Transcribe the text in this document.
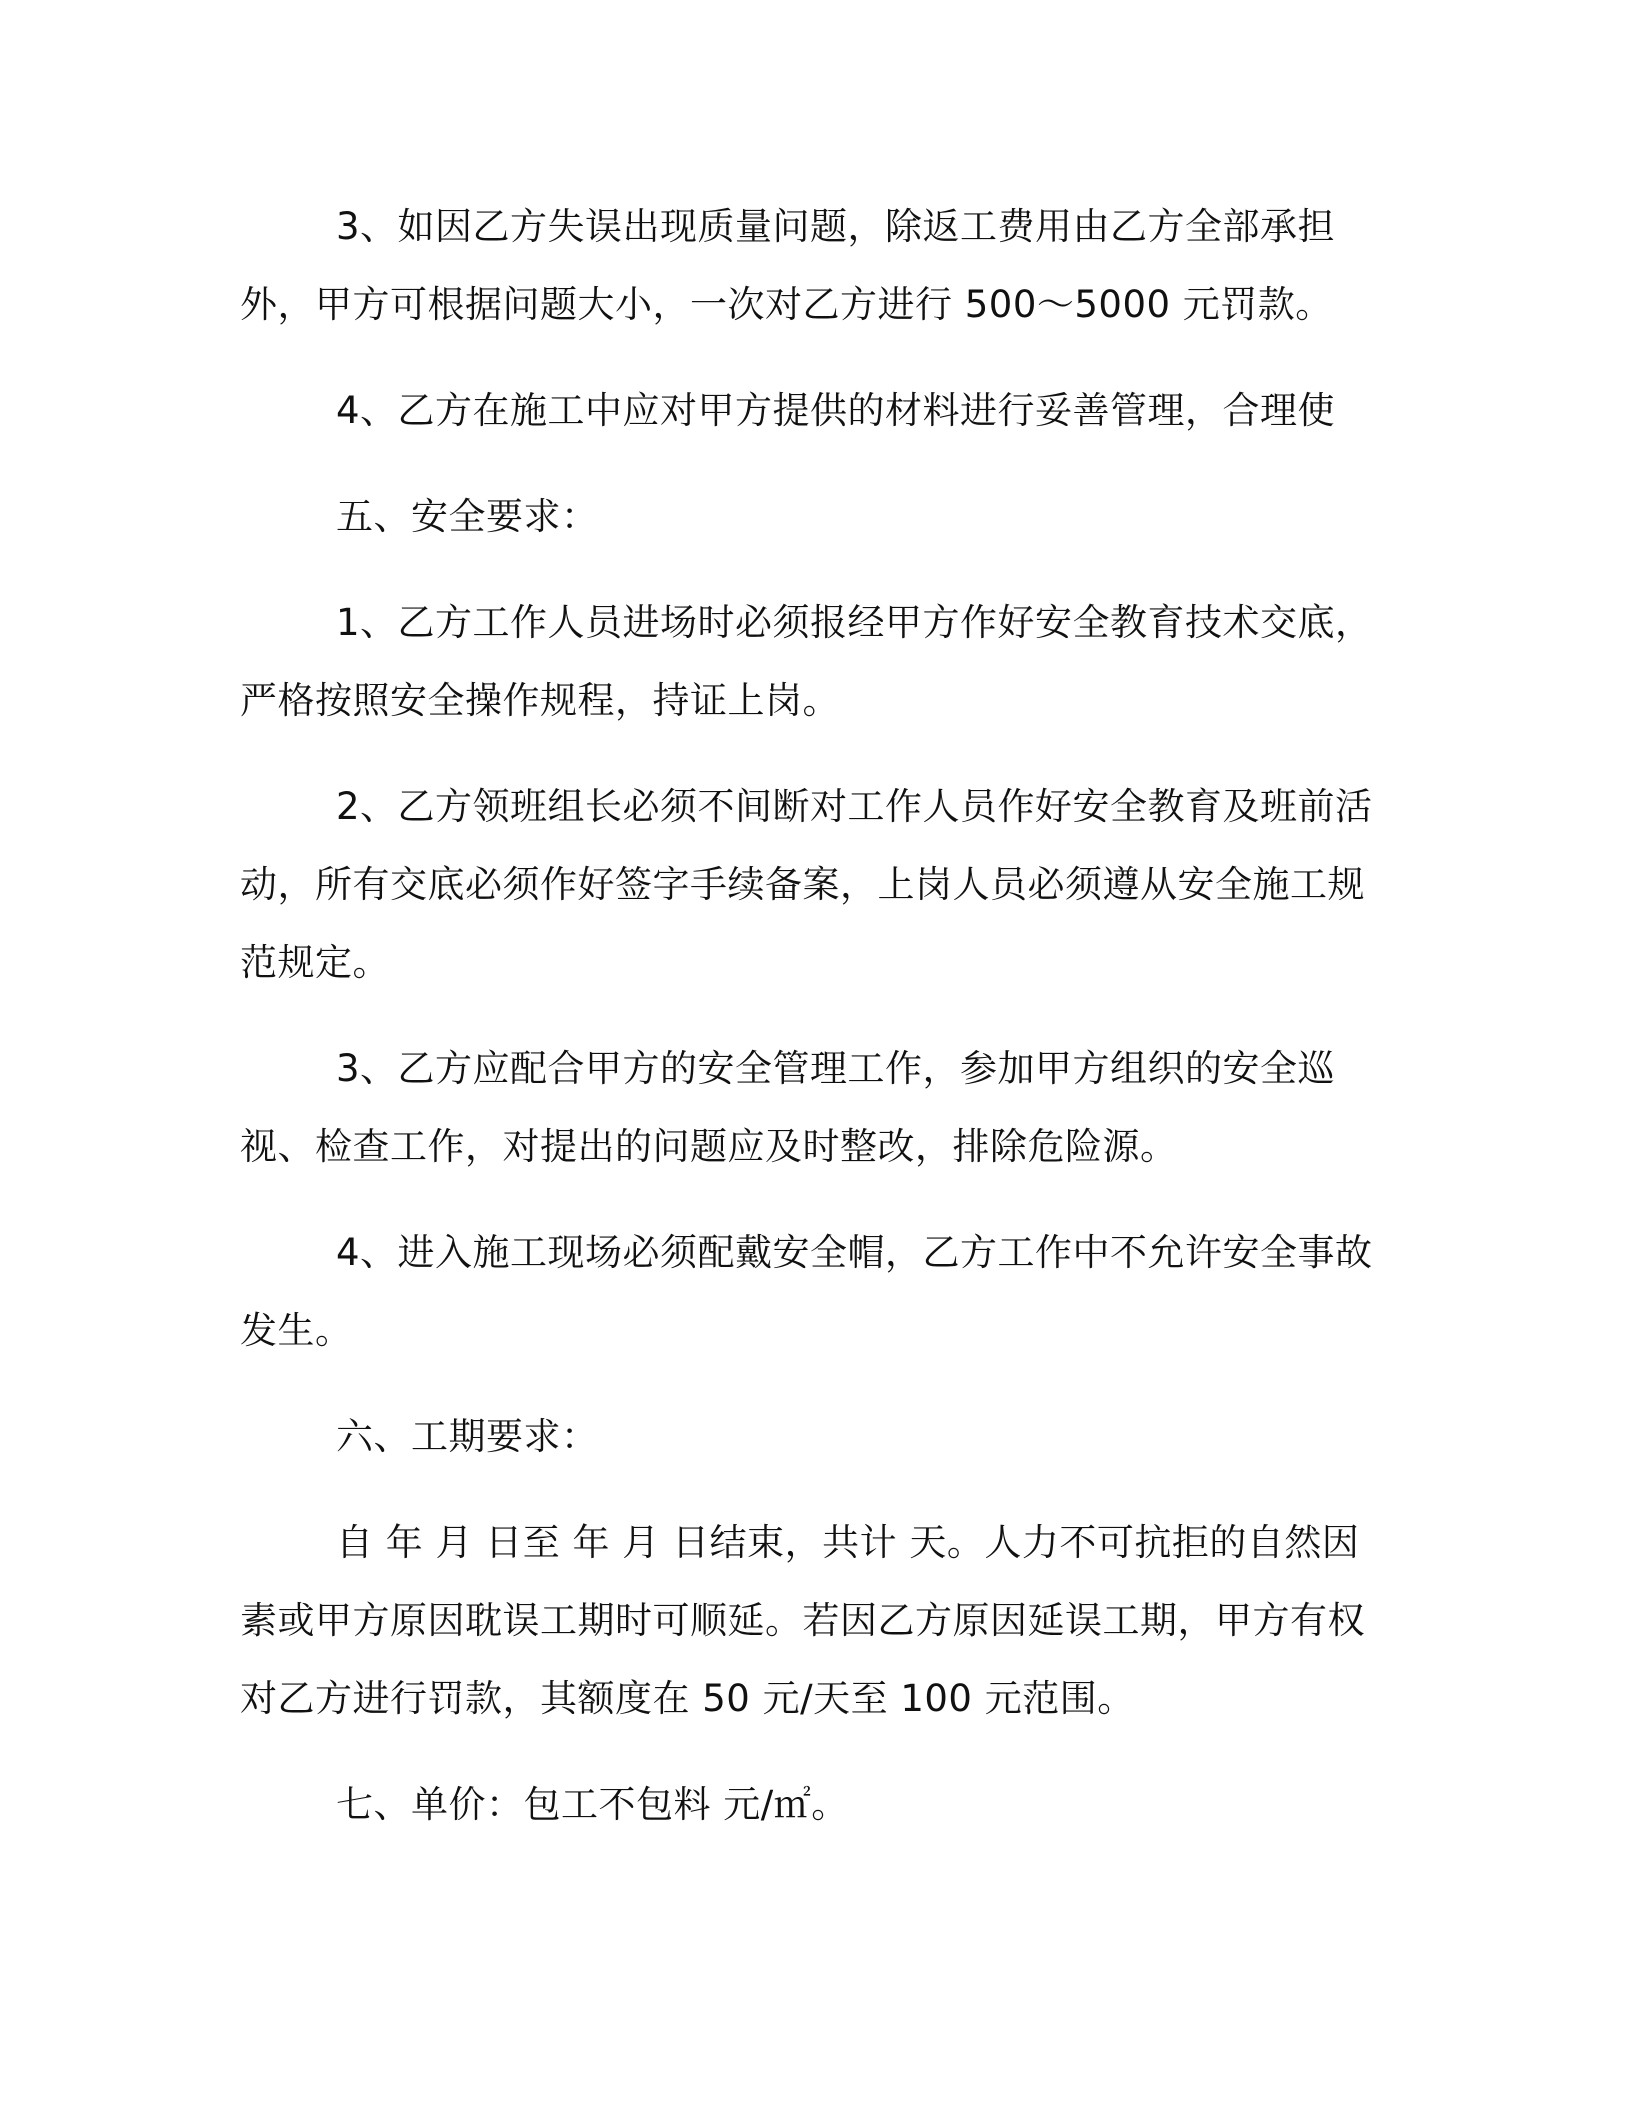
3、如因乙方失误出现质量问题，除返工费用由乙方全部承担外，甲方可根据问题大小，一次对乙方进行 500～5000 元罚款。

4、乙方在施工中应对甲方提供的材料进行妥善管理，合理使

五、安全要求：

1、乙方工作人员进场时必须报经甲方作好安全教育技术交底，严格按照安全操作规程，持证上岗。

2、乙方领班组长必须不间断对工作人员作好安全教育及班前活动，所有交底必须作好签字手续备案，上岗人员必须遵从安全施工规范规定。

3、乙方应配合甲方的安全管理工作，参加甲方组织的安全巡视、检查工作，对提出的问题应及时整改，排除危险源。

4、进入施工现场必须配戴安全帽，乙方工作中不允许安全事故发生。

六、工期要求：

自 年 月 日至 年 月 日结束，共计 天。人力不可抗拒的自然因素或甲方原因耽误工期时可顺延。若因乙方原因延误工期，甲方有权对乙方进行罚款，其额度在 50 元/天至 100 元范围。

七、单价：包工不包料 元/㎡。
